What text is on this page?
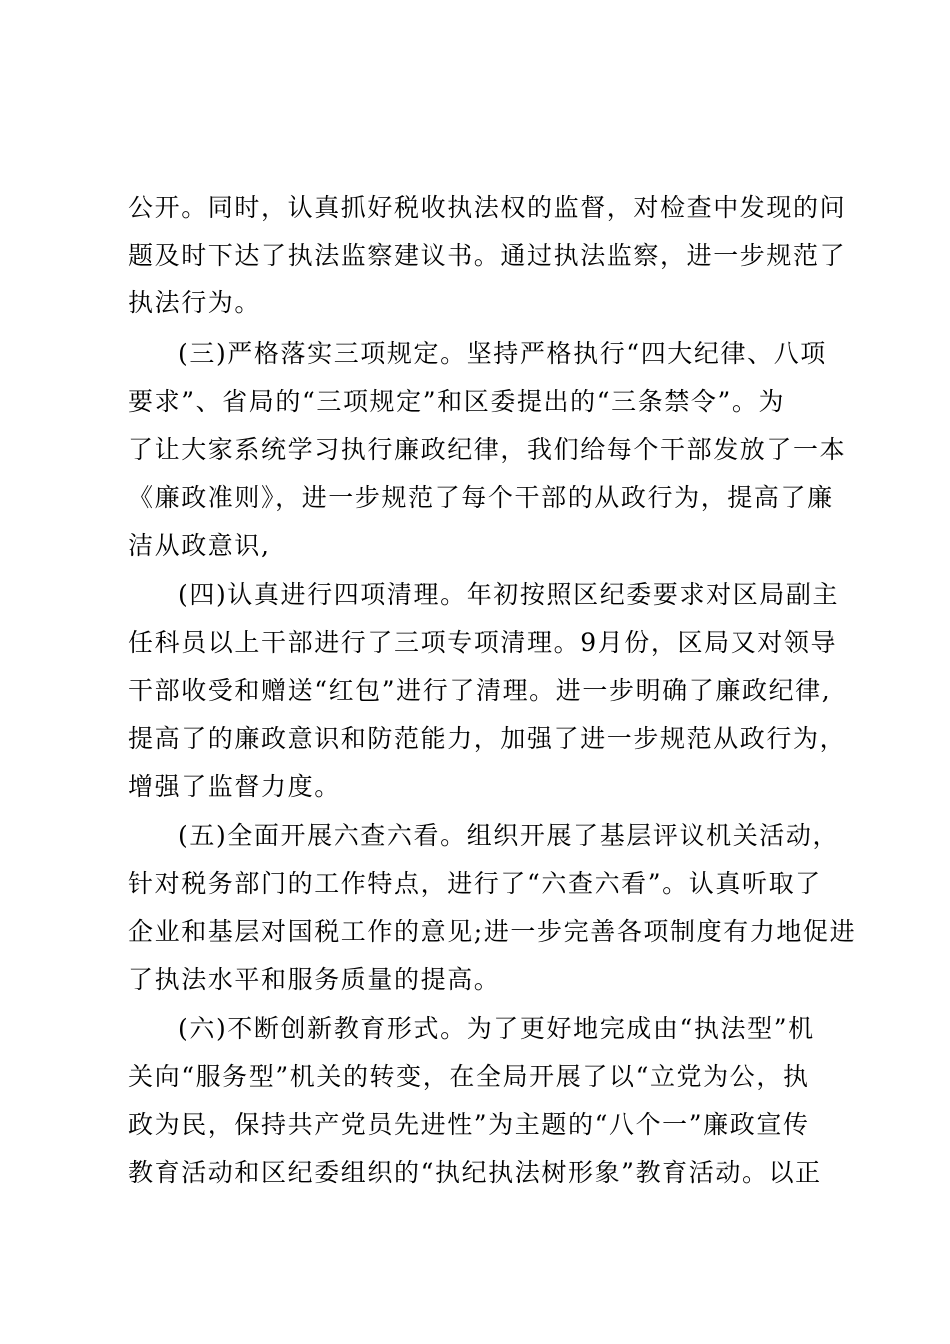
公开。同时，认真抓好税收执法权的监督，对检查中发现的问
题及时下达了执法监察建议书。通过执法监察，进一步规范了
执法行为。
(三)严格落实三项规定。坚持严格执行“四大纪律、八项
要求”、省局的“三项规定”和区委提出的“三条禁令”。为
了让大家系统学习执行廉政纪律，我们给每个干部发放了一本
《廉政准则》，进一步规范了每个干部的从政行为，提高了廉
洁从政意识,
(四)认真进行四项清理。年初按照区纪委要求对区局副主
任科员以上干部进行了三项专项清理。9月份，区局又对领导
干部收受和赠送“红包”进行了清理。进一步明确了廉政纪律,
提高了的廉政意识和防范能力，加强了进一步规范从政行为，
增强了监督力度。
(五)全面开展六查六看。组织开展了基层评议机关活动，
针对税务部门的工作特点，进行了“六查六看”。认真听取了
企业和基层对国税工作的意见;进一步完善各项制度有力地促进
了执法水平和服务质量的提高。
(六)不断创新教育形式。为了更好地完成由“执法型”机
关向“服务型”机关的转变，在全局开展了以“立党为公，执
政为民，保持共产党员先进性”为主题的“八个一”廉政宣传
教育活动和区纪委组织的“执纪执法树形象”教育活动。以正
